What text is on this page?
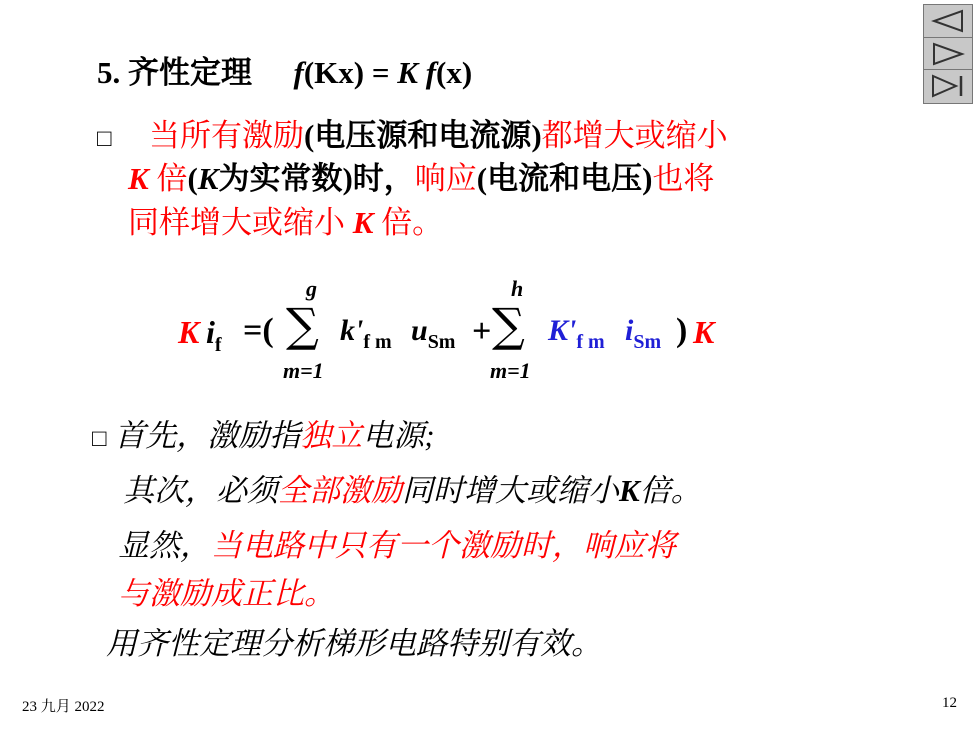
5. 齐性定理 f(Kx) = K f(x)
□ 当所有激励(电压源和电流源)都增大或缩小
K 倍(K为实常数)时，响应(电流和电压)也将
同样增大或缩小 K 倍。
K $i_f$ =(
g
∑
m=1
$k'_{f m}$ $u_{Sm}$ +
h
∑
m=1
$K'_{f m}$ $i_{Sm}$ ) K
□ 首先，激励指独立电源;
其次，必须全部激励同时增大或缩小K倍。
显然，当电路中只有一个激励时，响应将
与激励成正比。
用齐性定理分析梯形电路特别有效。
23 九月 2022	12
